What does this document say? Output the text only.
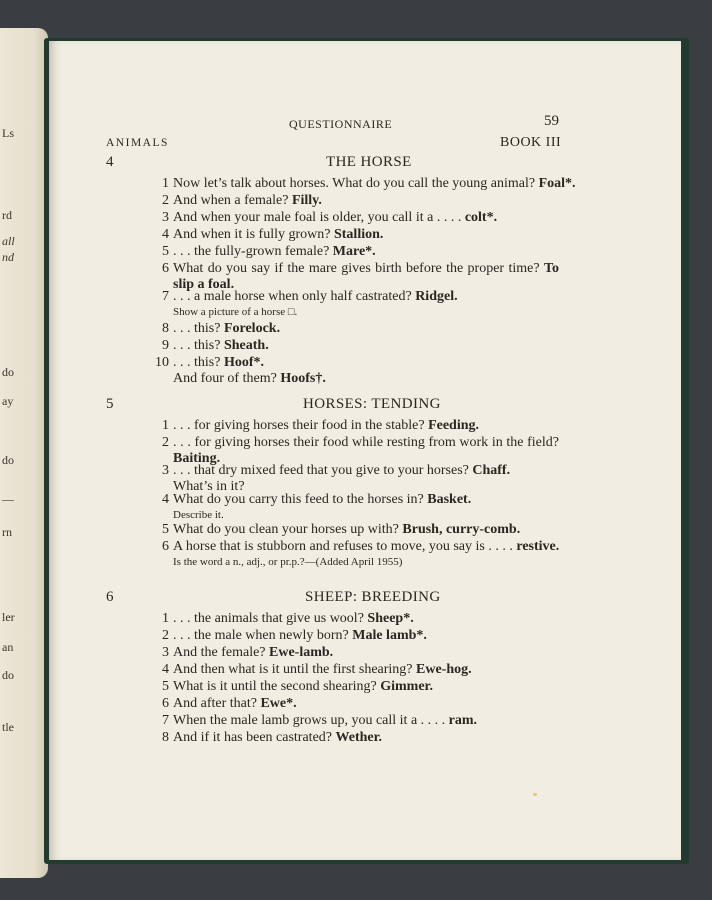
Ls
rd
all
nd
do
ay
do
—
rn
ler
an
do
tle
QUESTIONNAIRE	59
ANIMALS	BOOK III
4	THE HORSE
1 Now let’s talk about horses. What do you call the young animal? Foal*.
2 And when a female? Filly.
3 And when your male foal is older, you call it a . . . . colt*.
4 And when it is fully grown? Stallion.
5 . . . the fully-grown female? Mare*.
6 What do you say if the mare gives birth before the proper time? To slip a foal.
7 . . . a male horse when only half castrated? Ridgel.
Show a picture of a horse □.
8 . . . this? Forelock.
9 . . . this? Sheath.
10 . . . this? Hoof*.
And four of them? Hoofs†.
5	HORSES: TENDING
1 . . . for giving horses their food in the stable? Feeding.
2 . . . for giving horses their food while resting from work in the field? Baiting.
3 . . . that dry mixed feed that you give to your horses? Chaff.
What’s in it?
4 What do you carry this feed to the horses in? Basket.
Describe it.
5 What do you clean your horses up with? Brush, curry-comb.
6 A horse that is stubborn and refuses to move, you say is . . . . restive.
Is the word a n., adj., or pr.p.?—(Added April 1955)
6	SHEEP: BREEDING
1 . . . the animals that give us wool? Sheep*.
2 . . . the male when newly born? Male lamb*.
3 And the female? Ewe-lamb.
4 And then what is it until the first shearing? Ewe-hog.
5 What is it until the second shearing? Gimmer.
6 And after that? Ewe*.
7 When the male lamb grows up, you call it a . . . . ram.
8 And if it has been castrated? Wether.
